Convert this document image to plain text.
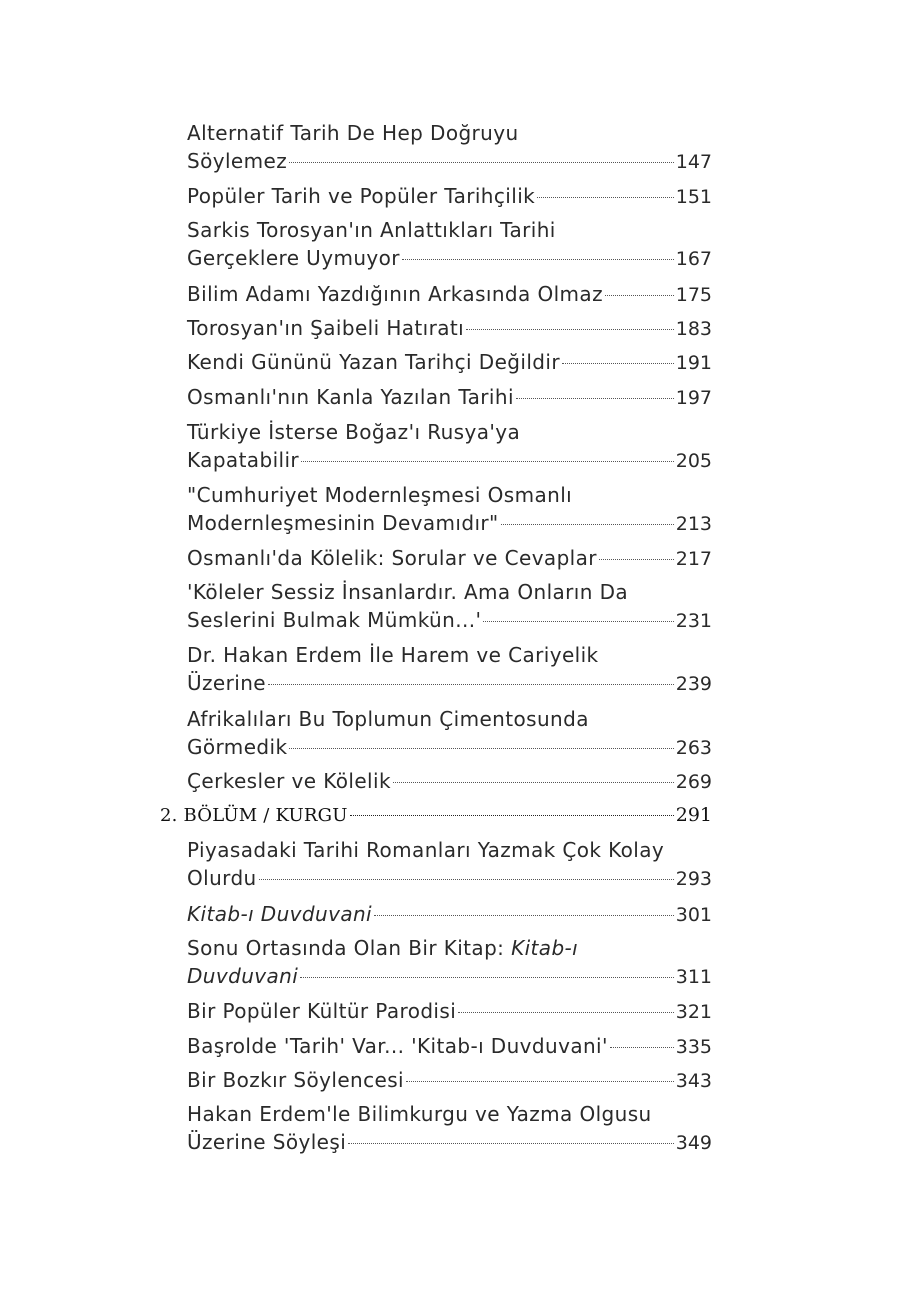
Alternatif Tarih De Hep Doğruyu
Söylemez	147
Popüler Tarih ve Popüler Tarihçilik	151
Sarkis Torosyan'ın Anlattıkları Tarihi
Gerçeklere Uymuyor	167
Bilim Adamı Yazdığının Arkasında Olmaz	175
Torosyan'ın Şaibeli Hatıratı	183
Kendi Gününü Yazan Tarihçi Değildir	191
Osmanlı'nın Kanla Yazılan Tarihi	197
Türkiye İsterse Boğaz'ı Rusya'ya
Kapatabilir	205
"Cumhuriyet Modernleşmesi Osmanlı
Modernleşmesinin Devamıdır"	213
Osmanlı'da Kölelik: Sorular ve Cevaplar	217
'Köleler Sessiz İnsanlardır. Ama Onların Da
Seslerini Bulmak Mümkün...'	231
Dr. Hakan Erdem İle Harem ve Cariyelik
Üzerine	239
Afrikalıları Bu Toplumun Çimentosunda
Görmedik	263
Çerkesler ve Kölelik	269
2. BÖLÜM / KURGU	291
Piyasadaki Tarihi Romanları Yazmak Çok Kolay
Olurdu	293
Kitab-ı Duvduvani	301
Sonu Ortasında Olan Bir Kitap: Kitab-ı
Duvduvani	311
Bir Popüler Kültür Parodisi	321
Başrolde 'Tarih' Var... 'Kitab-ı Duvduvani'	335
Bir Bozkır Söylencesi	343
Hakan Erdem'le Bilimkurgu ve Yazma Olgusu
Üzerine Söyleşi	349
